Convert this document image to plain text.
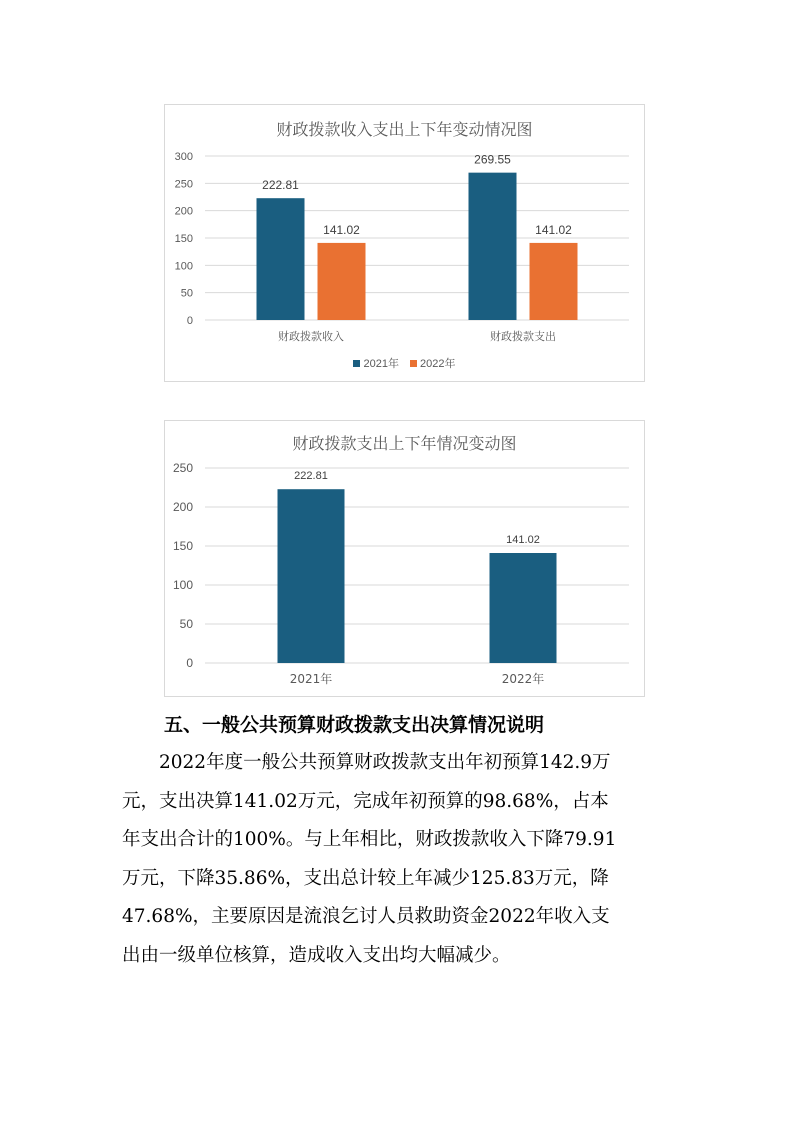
财政拨款收入支出上下年变动情况图
0
50
100
150
200
250
300
222.81
141.02
财政拨款收入
269.55
141.02
财政拨款支出
2021年 2022年
财政拨款支出上下年情况变动图
0
50
100
150
200
250
222.81
2021年
141.02
2022年
五、一般公共预算财政拨款支出决算情况说明
2022年度一般公共预算财政拨款支出年初预算142.9万
元，支出决算141.02万元，完成年初预算的98.68%，占本
年支出合计的100%。与上年相比，财政拨款收入下降79.91
万元，下降35.86%，支出总计较上年减少125.83万元，降
47.68%，主要原因是流浪乞讨人员救助资金2022年收入支
出由一级单位核算，造成收入支出均大幅减少。
